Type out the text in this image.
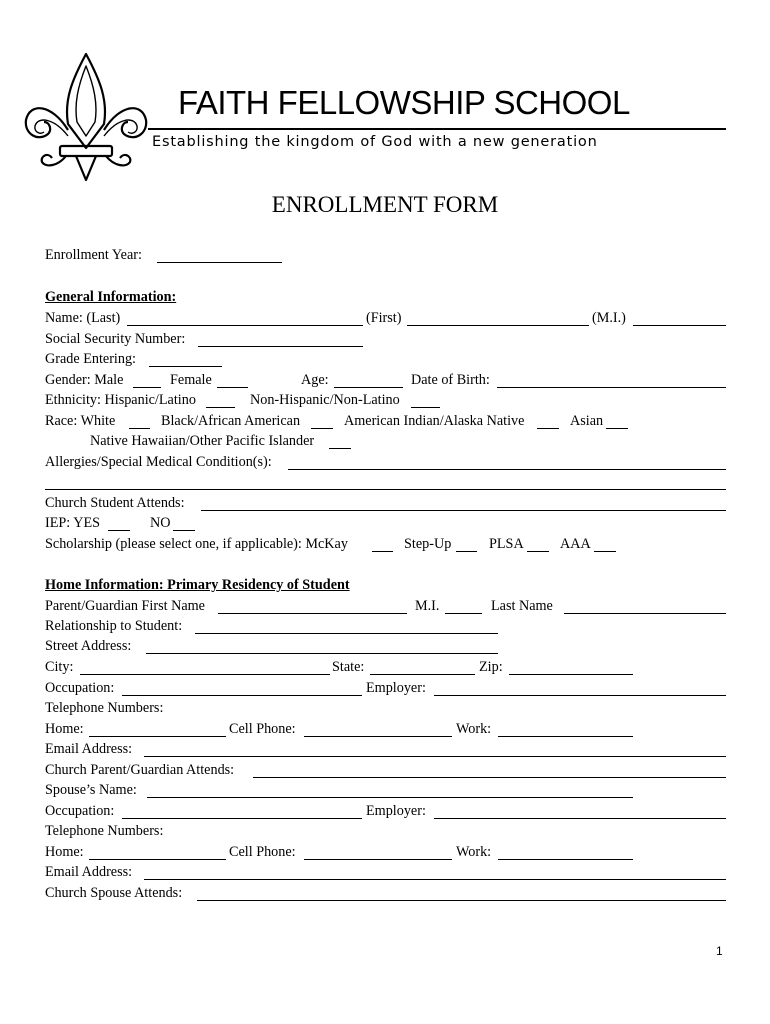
FAITH FELLOWSHIP SCHOOL
Establishing the kingdom of God with a new generation
ENROLLMENT FORM
Enrollment Year:
General Information:
Name: (Last)	(First)	(M.I.)
Social Security Number:
Grade Entering:
Gender: Male	Female	Age:	Date of Birth:
Ethnicity: Hispanic/Latino	Non-Hispanic/Non-Latino
Race: White	Black/African American	American Indian/Alaska Native	Asian
Native Hawaiian/Other Pacific Islander
Allergies/Special Medical Condition(s):
Church Student Attends:
IEP: YES	NO
Scholarship (please select one, if applicable): McKay	Step-Up	PLSA	AAA
Home Information: Primary Residency of Student
Parent/Guardian First Name	M.I.	Last Name
Relationship to Student:
Street Address:
City:	State:	Zip:
Occupation:	Employer:
Telephone Numbers:
Home:	Cell Phone:	Work:
Email Address:
Church Parent/Guardian Attends:
Spouse’s Name:
Occupation:	Employer:
Telephone Numbers:
Home:	Cell Phone:	Work:
Email Address:
Church Spouse Attends:
1
